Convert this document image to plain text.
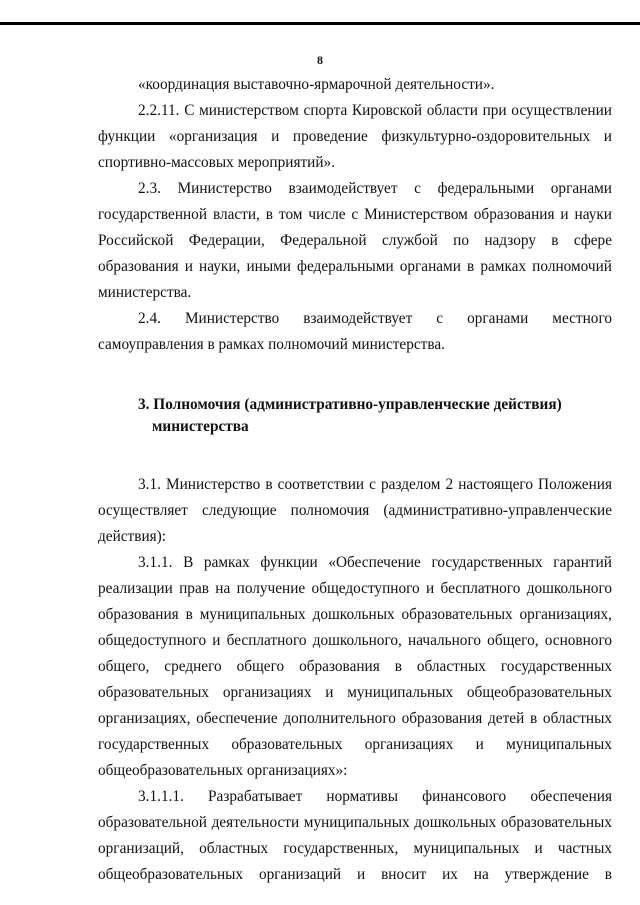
8

«координация выставочно-ярмарочной деятельности».

2.2.11. С министерством спорта Кировской области при осуществлении функции «организация и проведение физкультурно-оздоровительных и спортивно-массовых мероприятий».

2.3. Министерство взаимодействует с федеральными органами государственной власти, в том числе с Министерством образования и науки Российской Федерации, Федеральной службой по надзору в сфере образования и науки, иными федеральными органами в рамках полномочий министерства.

2.4. Министерство взаимодействует с органами местного самоуправления в рамках полномочий министерства.

3. Полномочия (административно-управленческие действия)
министерства

3.1. Министерство в соответствии с разделом 2 настоящего Положения осуществляет следующие полномочия (административно-управленческие действия):

3.1.1. В рамках функции «Обеспечение государственных гарантий реализации прав на получение общедоступного и бесплатного дошкольного образования в муниципальных дошкольных образовательных организациях, общедоступного и бесплатного дошкольного, начального общего, основного общего, среднего общего образования в областных государственных образовательных организациях и муниципальных общеобразовательных организациях, обеспечение дополнительного образования детей в областных государственных образовательных организациях и муниципальных общеобразовательных организациях»:

3.1.1.1. Разрабатывает нормативы финансового обеспечения образовательной деятельности муниципальных дошкольных образовательных организаций, областных государственных, муниципальных и частных общеобразовательных организаций и вносит их на утверждение в
